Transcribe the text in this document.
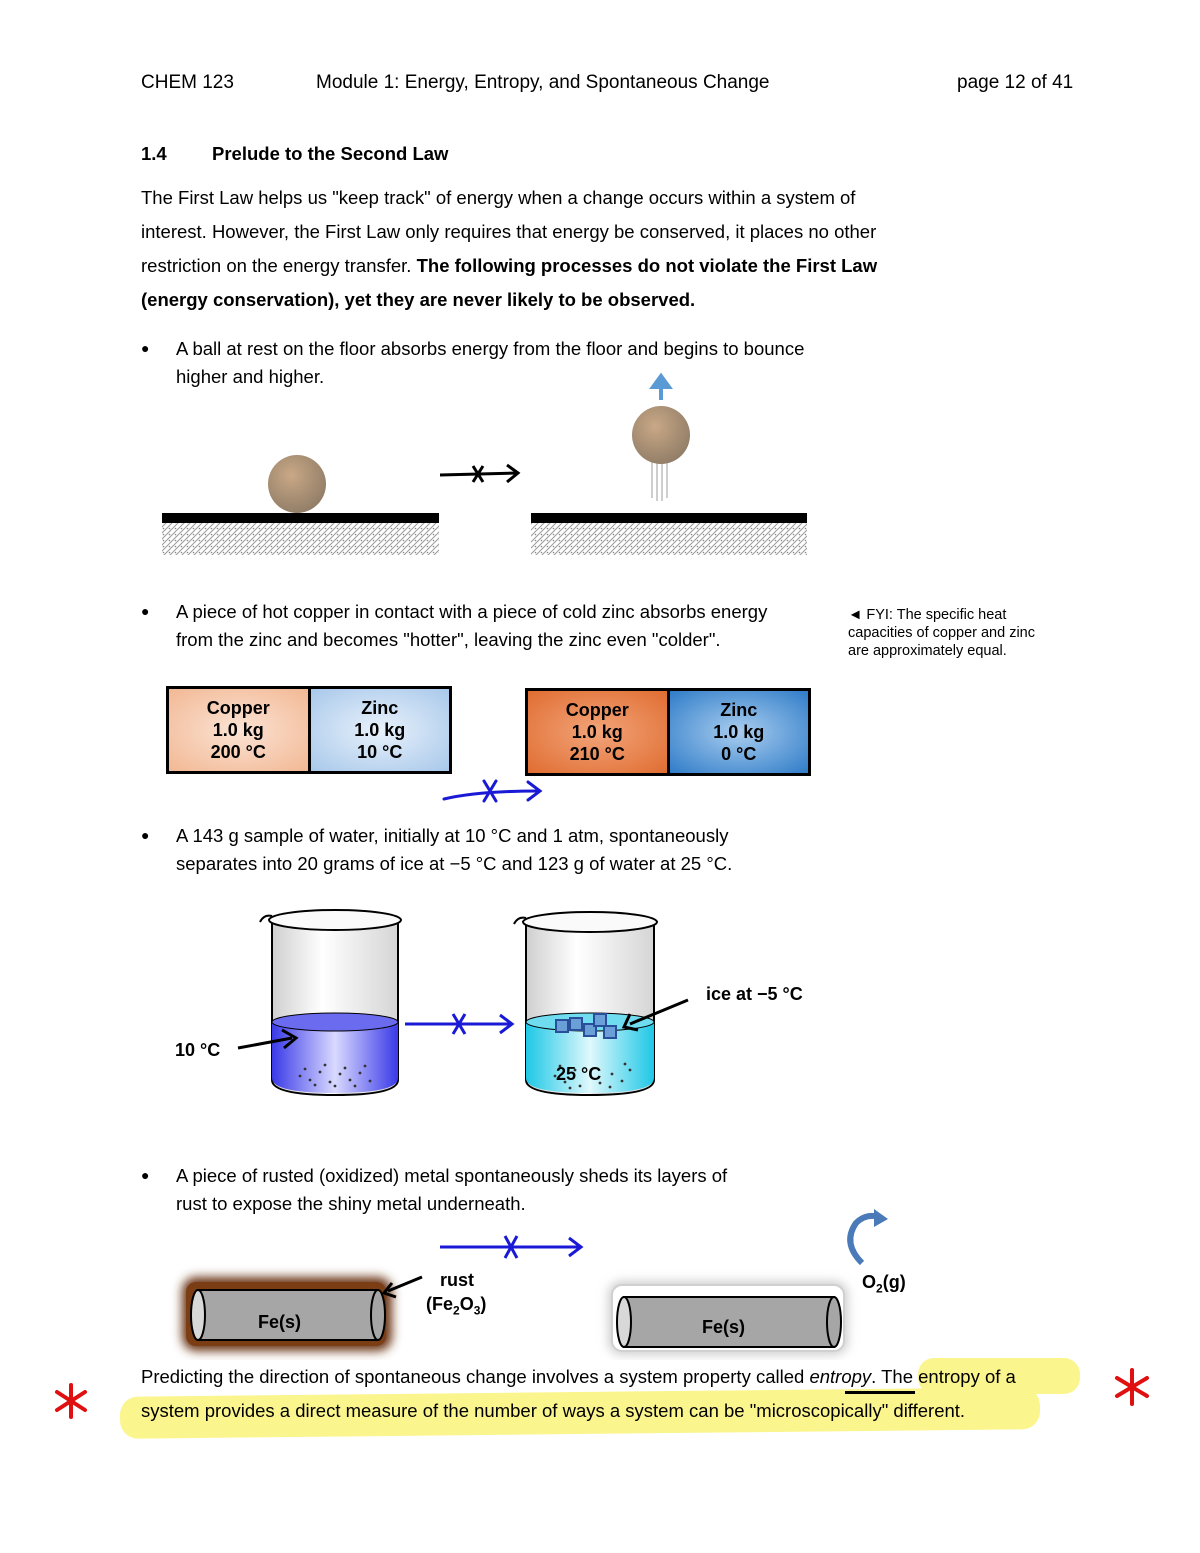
CHEM 123	Module 1: Energy, Entropy, and Spontaneous Change	page 12 of 41
1.4 Prelude to the Second Law
The First Law helps us "keep track" of energy when a change occurs within a system of
interest. However, the First Law only requires that energy be conserved, it places no other
restriction on the energy transfer. The following processes do not violate the First Law
(energy conservation), yet they are never likely to be observed.
● A ball at rest on the floor absorbs energy from the floor and begins to bounce
higher and higher.
● A piece of hot copper in contact with a piece of cold zinc absorbs energy
from the zinc and becomes "hotter", leaving the zinc even "colder".
◄ FYI: The specific heat
capacities of copper and zinc
are approximately equal.
Copper
1.0 kg
200 °C
Zinc
1.0 kg
10 °C
Copper
1.0 kg
210 °C
Zinc
1.0 kg
0 °C
● A 143 g sample of water, initially at 10 °C and 1 atm, spontaneously
separates into 20 grams of ice at −5 °C and 123 g of water at 25 °C.
10 °C
ice at −5 °C
25 °C
● A piece of rusted (oxidized) metal spontaneously sheds its layers of
rust to expose the shiny metal underneath.
rust
$(Fe_2O_3)$
Fe(s)	Fe(s)
$O_2(g)$
Predicting the direction of spontaneous change involves a system property called entropy. The entropy of a
system provides a direct measure of the number of ways a system can be "microscopically" different.
